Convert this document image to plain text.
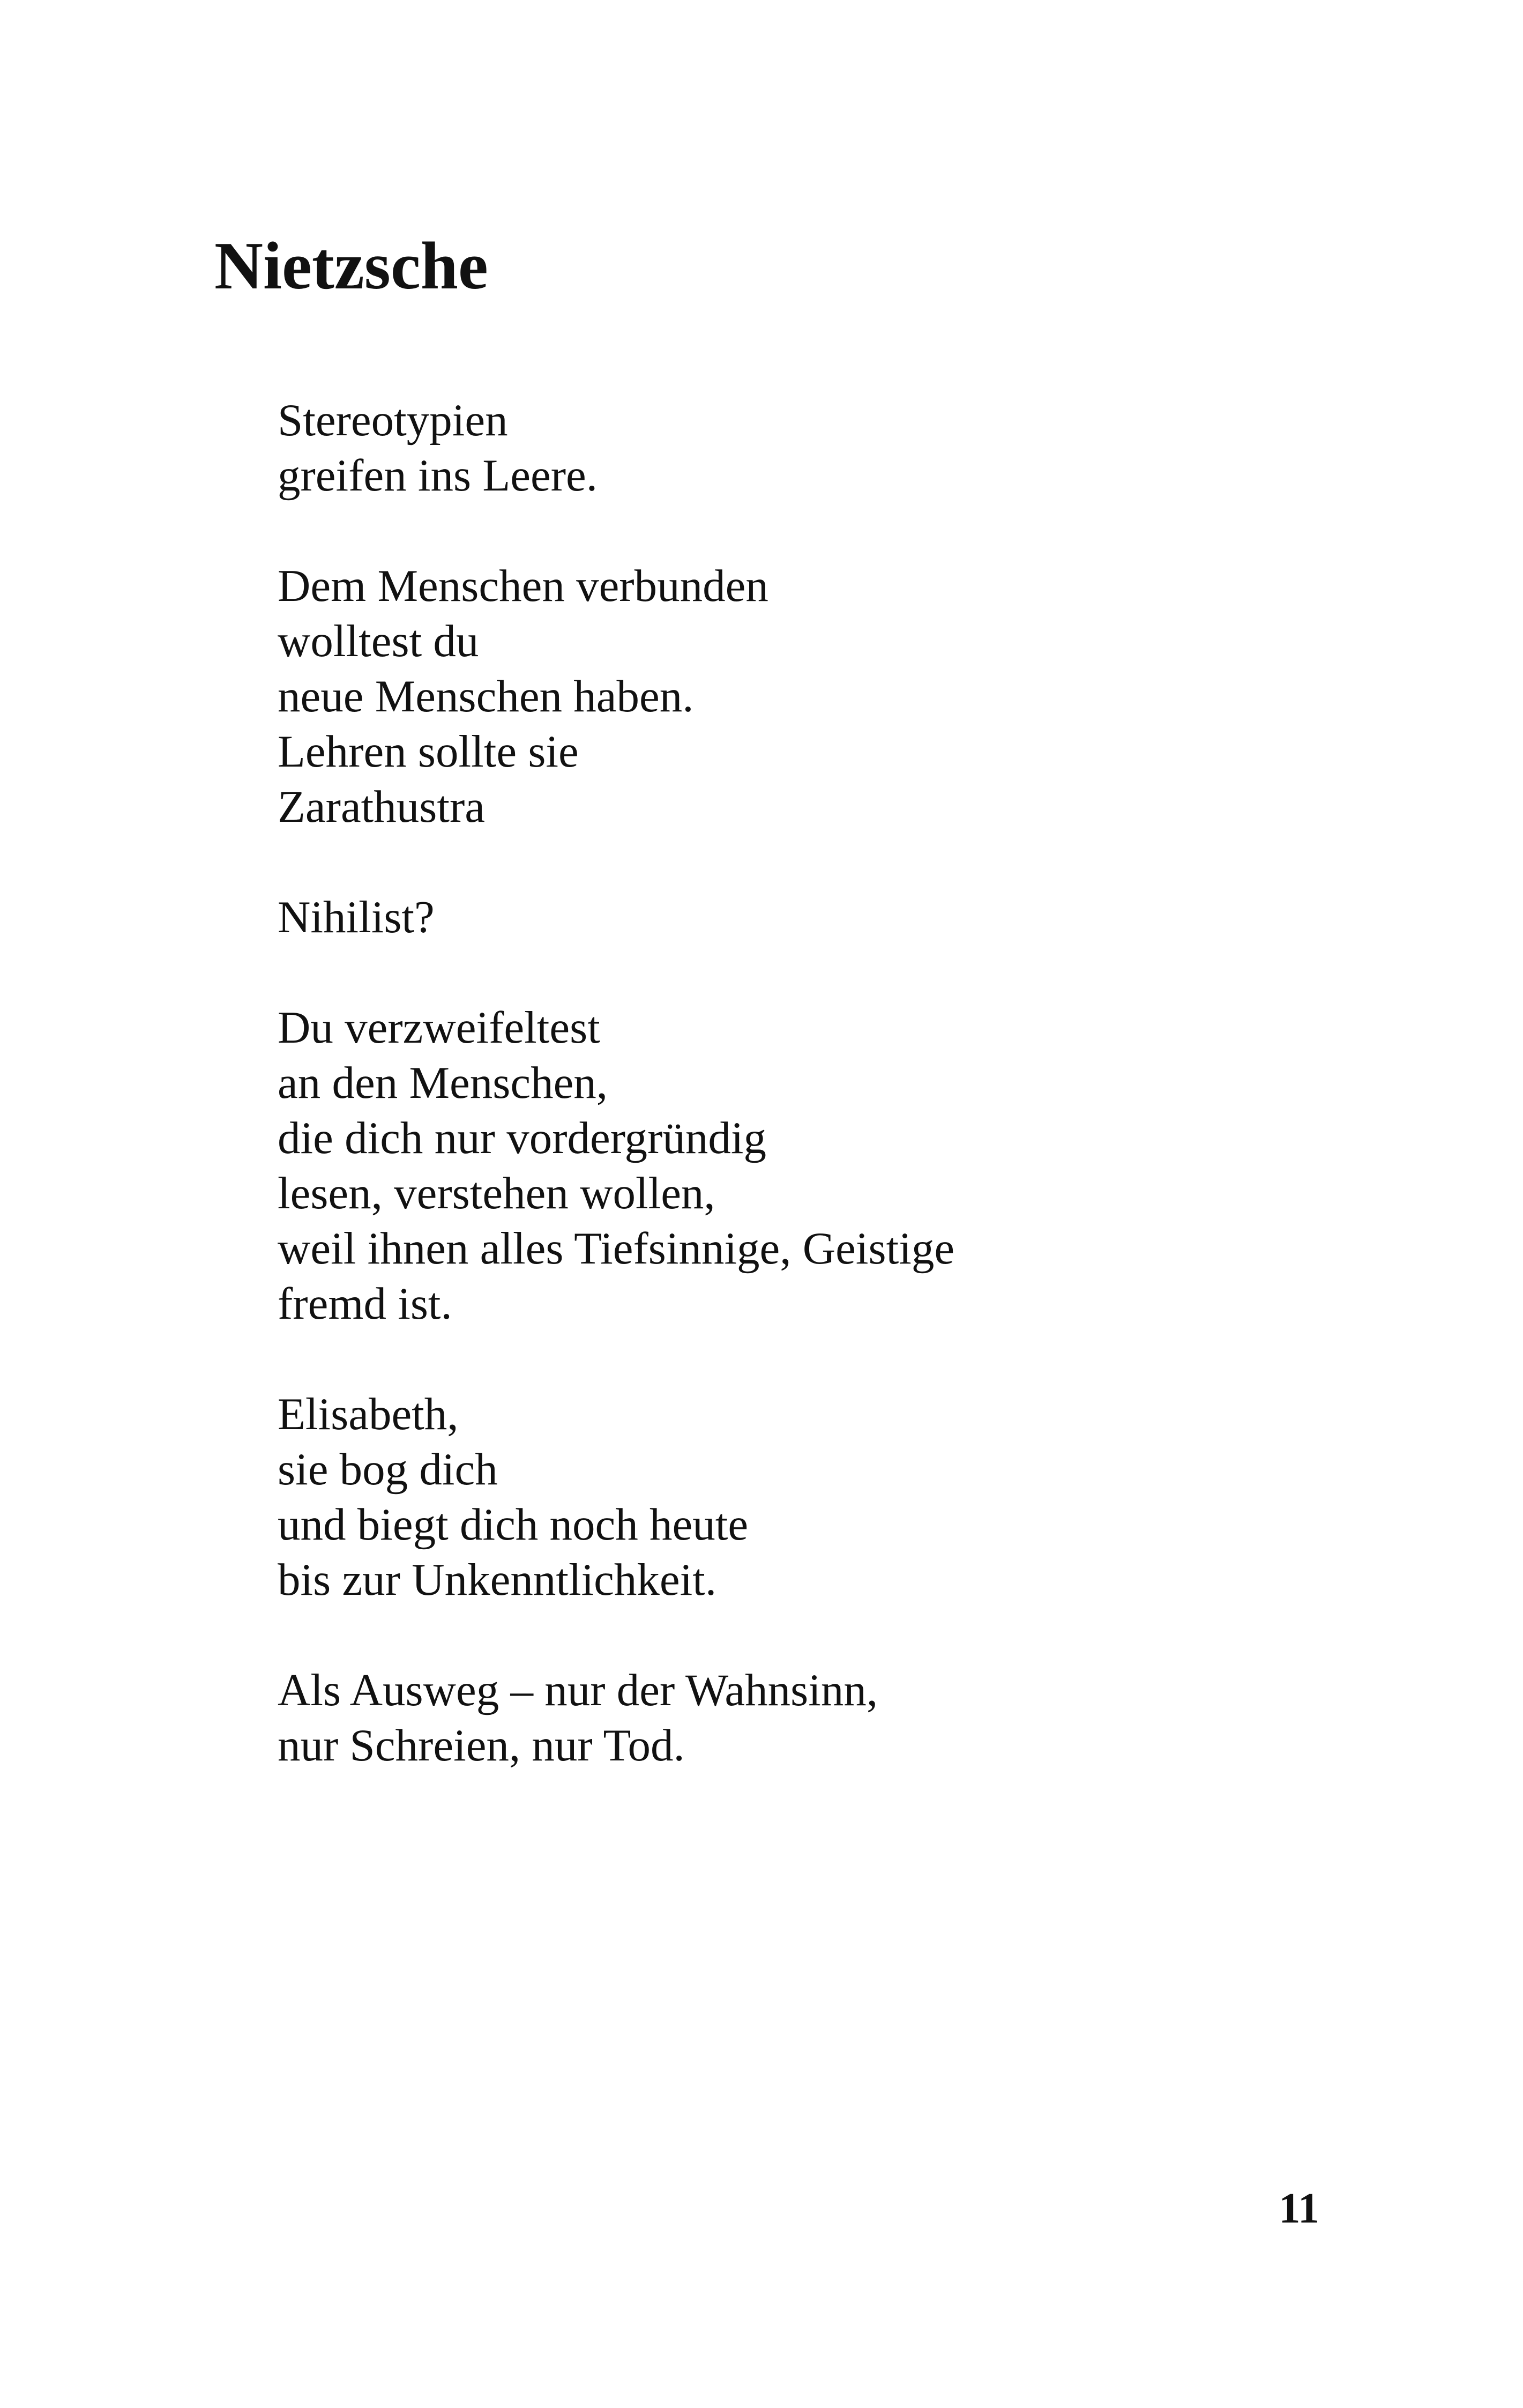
Nietzsche
Stereotypien
greifen ins Leere.
Dem Menschen verbunden
wolltest du
neue Menschen haben.
Lehren sollte sie
Zarathustra
Nihilist?
Du verzweifeltest
an den Menschen,
die dich nur vordergründig
lesen, verstehen wollen,
weil ihnen alles Tiefsinnige, Geistige
fremd ist.
Elisabeth,
sie bog dich
und biegt dich noch heute
bis zur Unkenntlichkeit.
Als Ausweg – nur der Wahnsinn,
nur Schreien, nur Tod.
11
